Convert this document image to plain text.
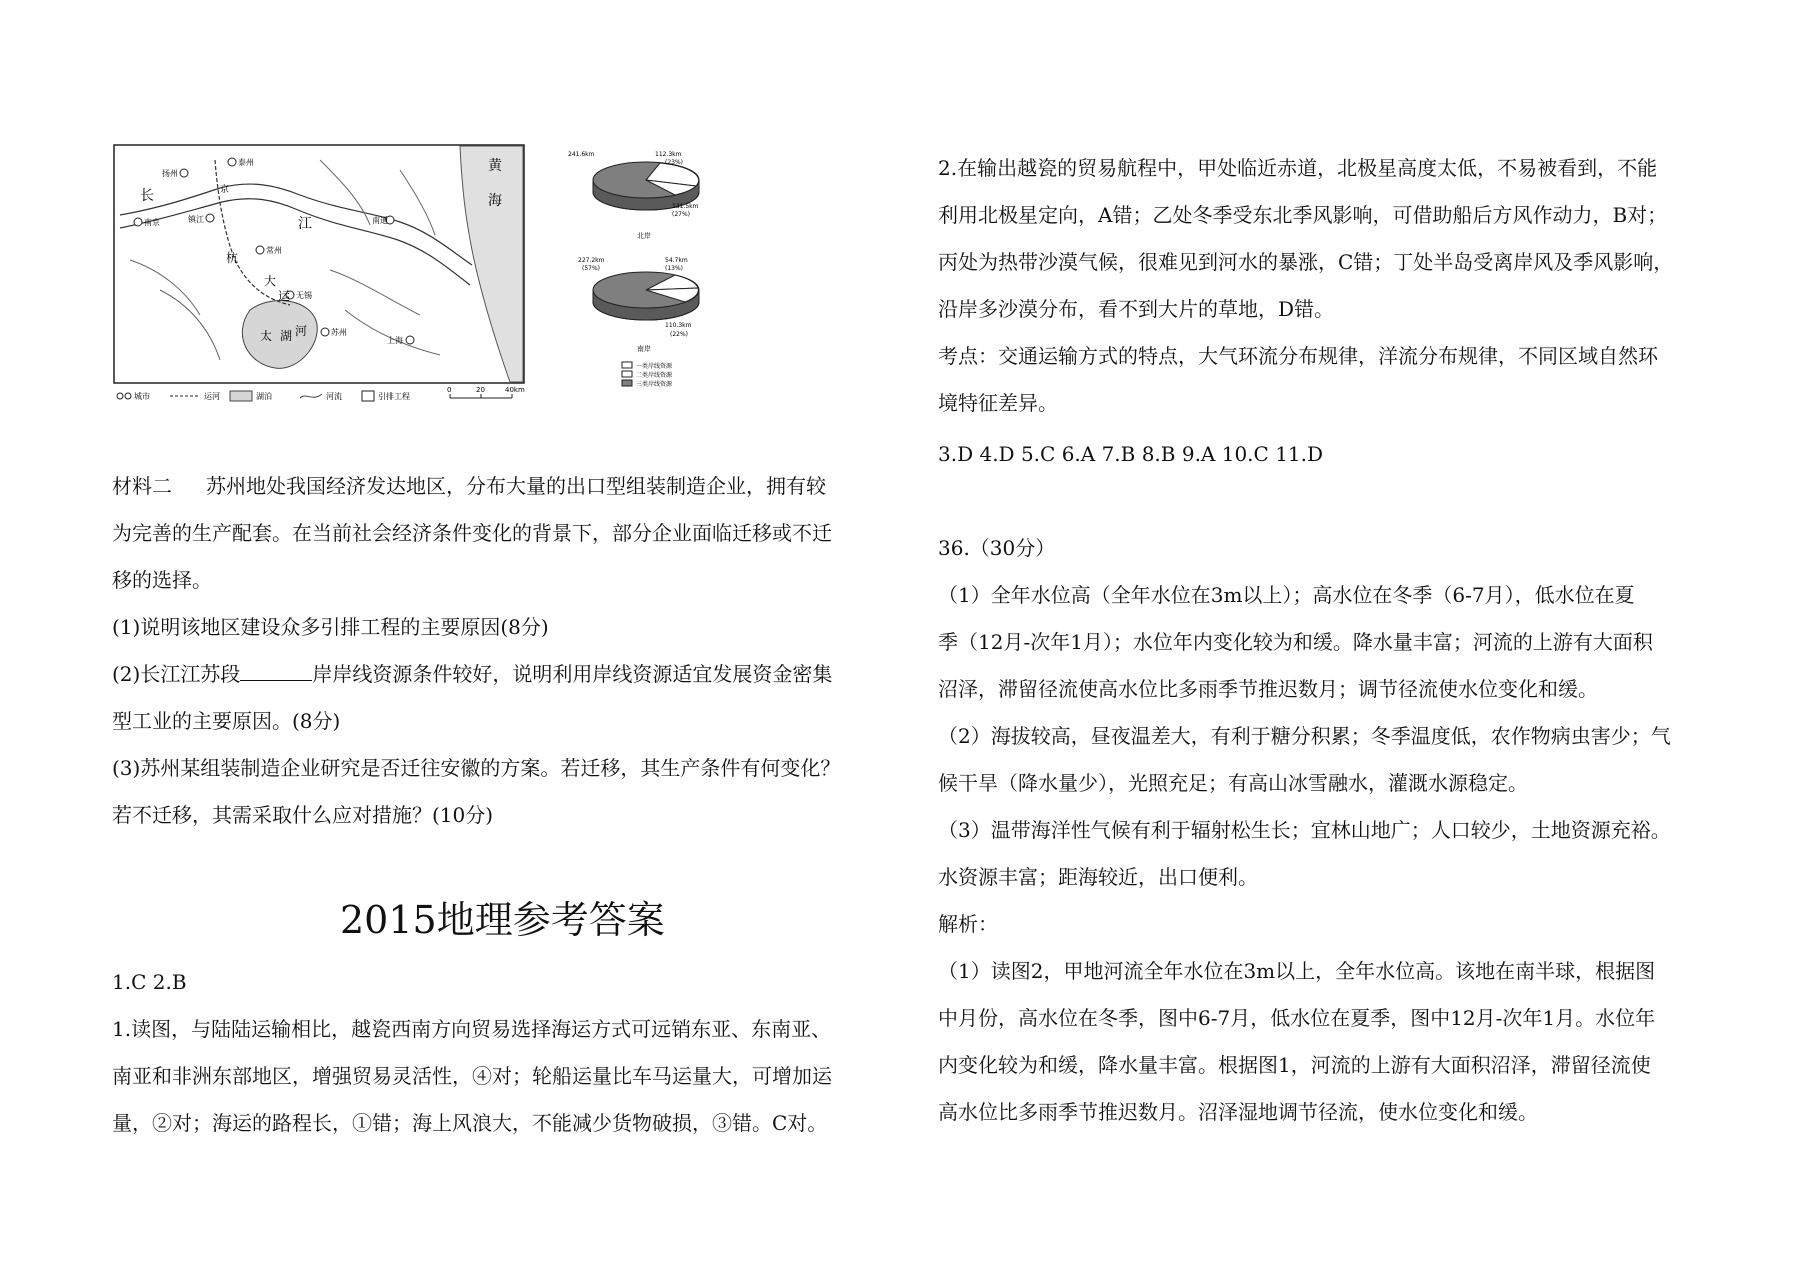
黄
海
长
江
京
杭
大
运
河
太 湖
扬州
泰州
南京	镇江
常州
无锡
苏州
南通
上海
城市	运河	湖泊	河流	引排工程
0	20	40km
241.6km	112.3km
(23%)
131.5km
(27%)
北岸
227.2km
(57%)
54.7km
(13%)
110.3km
(22%)
南岸
一类岸线资源
二类岸线资源
三类岸线资源

材料二 苏州地处我国经济发达地区，分布大量的出口型组装制造企业，拥有较

为完善的生产配套。在当前社会经济条件变化的背景下，部分企业面临迁移或不迁

移的选择。

(1)说明该地区建设众多引排工程的主要原因(8分)

(2)长江江苏段	岸岸线资源条件较好，说明利用岸线资源适宜发展资金密集

型工业的主要原因。(8分)

(3)苏州某组装制造企业研究是否迁往安徽的方案。若迁移，其生产条件有何变化？

若不迁移，其需采取什么应对措施？(10分)

2015地理参考答案

1.C 2.B

1.读图，与陆陆运输相比，越瓷西南方向贸易选择海运方式可远销东亚、东南亚、

南亚和非洲东部地区，增强贸易灵活性，④对；轮船运量比车马运量大，可增加运

量，②对；海运的路程长，①错；海上风浪大，不能减少货物破损，③错。C对。

2.在输出越瓷的贸易航程中，甲处临近赤道，北极星高度太低，不易被看到，不能

利用北极星定向，A错；乙处冬季受东北季风影响，可借助船后方风作动力，B对；

丙处为热带沙漠气候，很难见到河水的暴涨，C错；丁处半岛受离岸风及季风影响，

沿岸多沙漠分布，看不到大片的草地，D错。

考点：交通运输方式的特点，大气环流分布规律，洋流分布规律，不同区域自然环

境特征差异。

3.D 4.D 5.C 6.A 7.B 8.B 9.A 10.C 11.D

36.（30分）

（1）全年水位高（全年水位在3m以上）；高水位在冬季（6-7月），低水位在夏

季（12月-次年1月）；水位年内变化较为和缓。降水量丰富；河流的上游有大面积

沼泽，滞留径流使高水位比多雨季节推迟数月；调节径流使水位变化和缓。

（2）海拔较高，昼夜温差大，有利于糖分积累；冬季温度低，农作物病虫害少；气

候干旱（降水量少），光照充足；有高山冰雪融水，灌溉水源稳定。

（3）温带海洋性气候有利于辐射松生长；宜林山地广；人口较少，土地资源充裕。

水资源丰富；距海较近，出口便利。

解析：

（1）读图2，甲地河流全年水位在3m以上，全年水位高。该地在南半球，根据图

中月份，高水位在冬季，图中6-7月，低水位在夏季，图中12月-次年1月。水位年

内变化较为和缓，降水量丰富。根据图1，河流的上游有大面积沼泽，滞留径流使

高水位比多雨季节推迟数月。沼泽湿地调节径流，使水位变化和缓。
